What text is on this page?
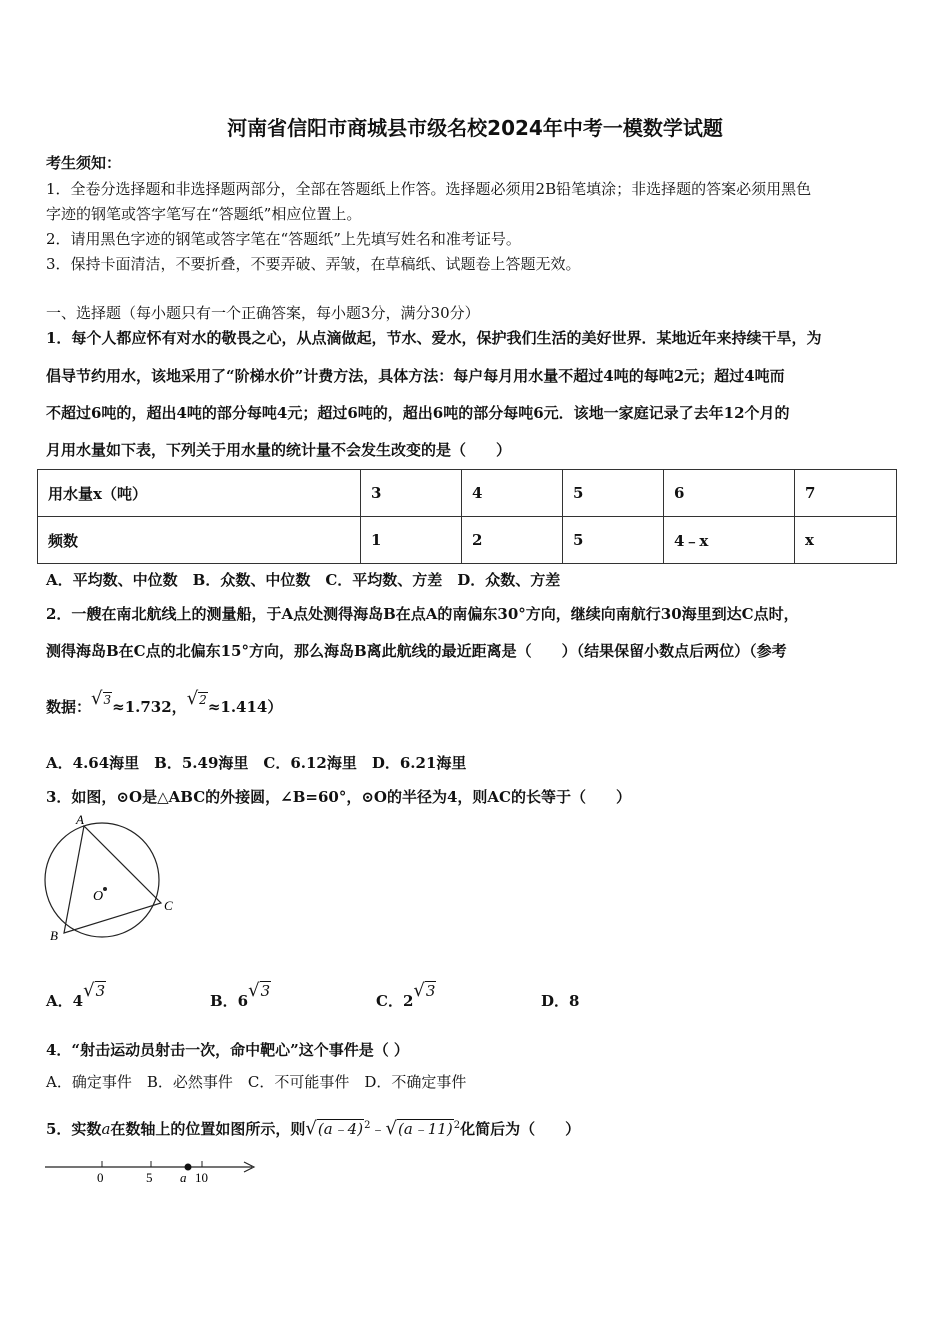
河南省信阳市商城县市级名校2024年中考一模数学试题
考生须知：
1．全卷分选择题和非选择题两部分，全部在答题纸上作答。选择题必须用2B铅笔填涂；非选择题的答案必须用黑色
字迹的钢笔或答字笔写在“答题纸”相应位置上。
2．请用黑色字迹的钢笔或答字笔在“答题纸”上先填写姓名和准考证号。
3．保持卡面清洁，不要折叠，不要弄破、弄皱，在草稿纸、试题卷上答题无效。
一、选择题（每小题只有一个正确答案，每小题3分，满分30分）
1．每个人都应怀有对水的敬畏之心，从点滴做起，节水、爱水，保护我们生活的美好世界．某地近年来持续干旱，为
倡导节约用水，该地采用了“阶梯水价”计费方法，具体方法：每户每月用水量不超过4吨的每吨2元；超过4吨而
不超过6吨的，超出4吨的部分每吨4元；超过6吨的，超出6吨的部分每吨6元．该地一家庭记录了去年12个月的
月用水量如下表，下列关于用水量的统计量不会发生改变的是（　　）
用水量x（吨）	3	4	5	6	7
频数	1	2	5	4﹣x	x
A．平均数、中位数　B．众数、中位数　C．平均数、方差　D．众数、方差
2．一艘在南北航线上的测量船，于A点处测得海岛B在点A的南偏东30°方向，继续向南航行30海里到达C点时，
测得海岛B在C点的北偏东15°方向，那么海岛B离此航线的最近距离是（　　）（结果保留小数点后两位）（参考
数据：√3≈1.732，√2≈1.414）
A．4.64海里　B．5.49海里　C．6.12海里　D．6.21海里
3．如图，⊙O是△ABC的外接圆，∠B=60°，⊙O的半径为4，则AC的长等于（　　）
A
B
C
O
A．4√3
B．6√3
C．2√3
D．8
4．“射击运动员射击一次，命中靶心”这个事件是（ ）
A．确定事件　B．必然事件　C．不可能事件　D．不确定事件
5．实数a在数轴上的位置如图所示，则√(a﹣4)$^2$﹣√(a﹣11)$^2$化简后为（　　）
0	5 a 10
